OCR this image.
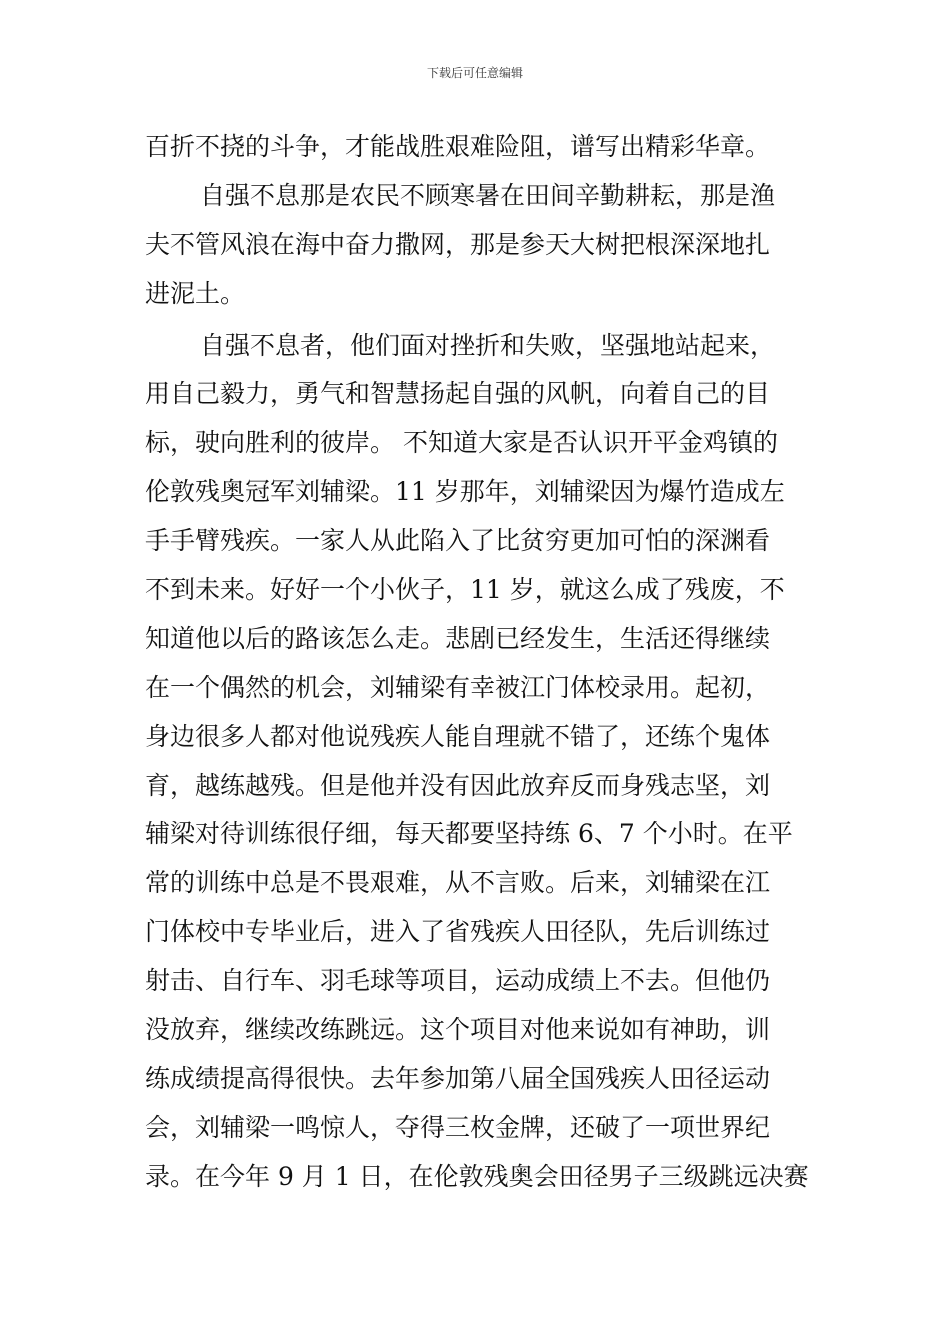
下载后可任意编辑
百折不挠的斗争，才能战胜艰难险阻，谱写出精彩华章。
自强不息那是农民不顾寒暑在田间辛勤耕耘，那是渔
夫不管风浪在海中奋力撒网，那是参天大树把根深深地扎
进泥土。
自强不息者，他们面对挫折和失败，坚强地站起来，
用自己毅力，勇气和智慧扬起自强的风帆，向着自己的目
标，驶向胜利的彼岸。 不知道大家是否认识开平金鸡镇的
伦敦残奥冠军刘辅梁。11 岁那年，刘辅梁因为爆竹造成左
手手臂残疾。一家人从此陷入了比贫穷更加可怕的深渊看
不到未来。好好一个小伙子，11 岁，就这么成了残废，不
知道他以后的路该怎么走。悲剧已经发生，生活还得继续
在一个偶然的机会，刘辅梁有幸被江门体校录用。起初，
身边很多人都对他说残疾人能自理就不错了，还练个鬼体
育，越练越残。但是他并没有因此放弃反而身残志坚，刘
辅梁对待训练很仔细，每天都要坚持练 6、7 个小时。在平
常的训练中总是不畏艰难，从不言败。后来，刘辅梁在江
门体校中专毕业后，进入了省残疾人田径队，先后训练过
射击、自行车、羽毛球等项目，运动成绩上不去。但他仍
没放弃，继续改练跳远。这个项目对他来说如有神助，训
练成绩提高得很快。去年参加第八届全国残疾人田径运动
会，刘辅梁一鸣惊人，夺得三枚金牌，还破了一项世界纪
录。在今年 9 月 1 日，在伦敦残奥会田径男子三级跳远决赛
